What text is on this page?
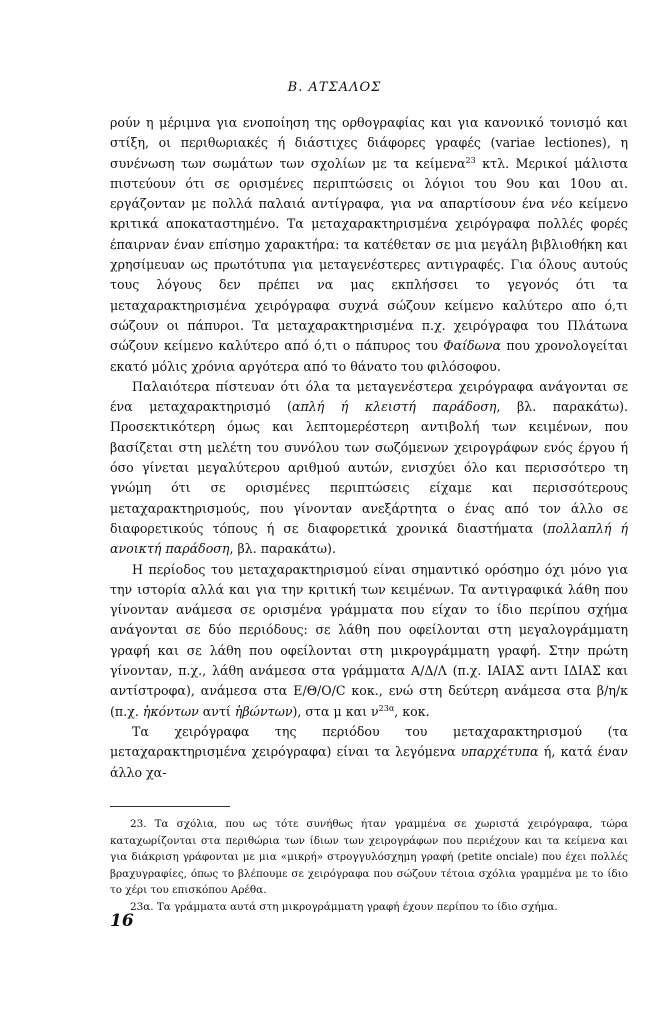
Β. ΑΤΣΑΛΟΣ

ρούν η μέριμνα για ενοποίηση της ορθογραφίας και για κανονικό τονισμό και στίξη, οι περιθωριακές ή διάστιχες διάφορες γραφές (variae lectiones), η συνένωση των σωμάτων των σχολίων με τα κείμενα$^{23}$ κτλ. Μερικοί μάλιστα πιστεύουν ότι σε ορισμένες περιπτώσεις οι λόγιοι του 9ου και 10ου αι. εργάζονταν με πολλά παλαιά αντίγραφα, για να απαρτίσουν ένα νέο κείμενο κριτικά αποκαταστημένο. Τα μεταχαρακτηρισμένα χειρόγραφα πολλές φορές έπαιρναν έναν επίσημο χαρακτήρα: τα κατέθεταν σε μια μεγάλη βιβλιοθήκη και χρησίμευαν ως πρωτότυπα για μεταγενέστερες αντιγραφές. Για όλους αυτούς τους λόγους δεν πρέπει να μας εκπλήσσει το γεγονός ότι τα μεταχαρακτηρισμένα χειρόγραφα συχνά σώζουν κείμενο καλύτερο απο ό,τι σώζουν οι πάπυροι. Τα μεταχαρακτηρισμένα π.χ. χειρόγραφα του Πλάτωνα σώζουν κείμενο καλύτερο από ό,τι ο πάπυρος του Φαίδωνα που χρονολογείται εκατό μόλις χρόνια αργότερα από το θάνατο του φιλόσοφου.

Παλαιότερα πίστευαν ότι όλα τα μεταγενέστερα χειρόγραφα ανάγονται σε ένα μεταχαρακτηρισμό (απλή ή κλειστή παράδοση, βλ. παρακάτω). Προσεκτικότερη όμως και λεπτομερέστερη αντιβολή των κειμένων, που βασίζεται στη μελέτη του συνόλου των σωζόμενων χειρογράφων ενός έργου ή όσο γίνεται μεγαλύτερου αριθμού αυτών, ενισχύει όλο και περισσότερο τη γνώμη ότι σε ορισμένες περιπτώσεις είχαμε και περισσότερους μεταχαρακτηρισμούς, που γίνονταν ανεξάρτητα ο ένας από τον άλλο σε διαφορετικούς τόπους ή σε διαφορετικά χρονικά διαστήματα (πολλαπλή ή ανοικτή παράδοση, βλ. παρακάτω).

Η περίοδος του μεταχαρακτηρισμού είναι σημαντικό ορόσημο όχι μόνο για την ιστορία αλλά και για την κριτική των κειμένων. Τα αντιγραφικά λάθη που γίνονταν ανάμεσα σε ορισμένα γράμματα που είχαν το ίδιο περίπου σχήμα ανάγονται σε δύο περιόδους: σε λάθη που οφείλονται στη μεγαλογράμματη γραφή και σε λάθη που οφείλονται στη μικρογράμματη γραφή. Στην πρώτη γίνονταν, π.χ., λάθη ανάμεσα στα γράμματα Α/Δ/Λ (π.χ. ΙΑΙΑΣ αντι ΙΔΙΑΣ και αντίστροφα), ανάμεσα στα Ε/Θ/Ο/C κοκ., ενώ στη δεύτερη ανάμεσα στα β/η/κ (π.χ. ἡκόντων αντί ἡβώντων), στα μ και $\nu^{23\alpha}$, κοκ.

Τα χειρόγραφα της περιόδου του μεταχαρακτηρισμού (τα μεταχαρακτηρισμένα χειρόγραφα) είναι τα λεγόμενα υπαρχέτυπα ή, κατά έναν άλλο χα-

23. Τα σχόλια, που ως τότε συνήθως ήταν γραμμένα σε χωριστά χειρόγραφα, τώρα καταχωρίζονται στα περιθώρια των ίδιων των χειρογράφων που περιέχουν και τα κείμενα και για διάκριση γράφονται με μια «μικρή» στρογγυλόσχημη γραφή (petite onciale) που έχει πολλές βραχυγραφίες, όπως το βλέπουμε σε χειρόγραφα που σώζουν τέτοια σχόλια γραμμένα με το ίδιο το χέρι του επισκόπου Αρέθα.

23α. Τα γράμματα αυτά στη μικρογράμματη γραφή έχουν περίπου το ίδιο σχήμα.

16
